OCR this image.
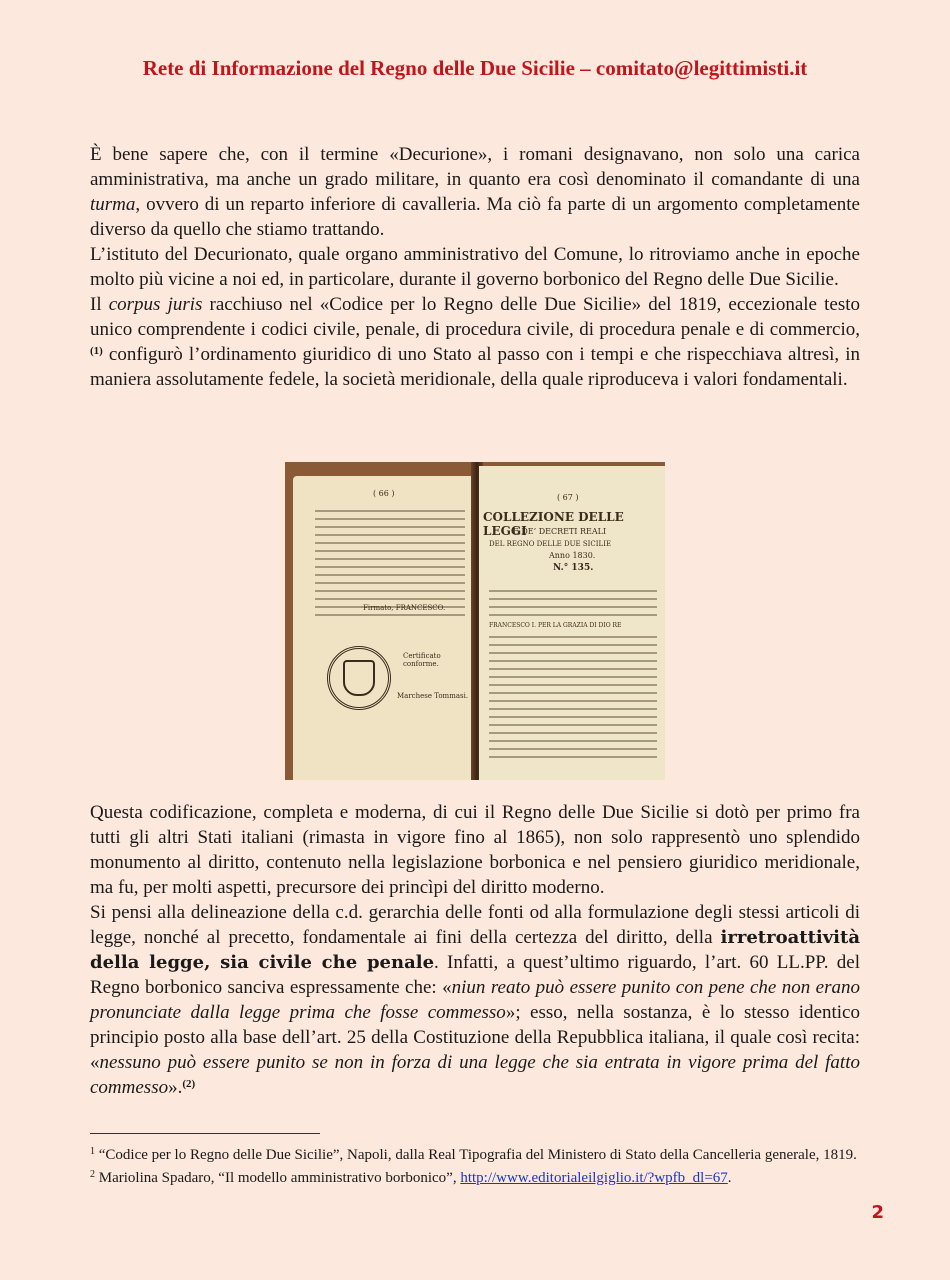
Rete di Informazione del Regno delle Due Sicilie – comitato@legittimisti.it

È bene sapere che, con il termine «Decurione», i romani designavano, non solo una carica amministrativa, ma anche un grado militare, in quanto era così denominato il comandante di una turma, ovvero di un reparto inferiore di cavalleria. Ma ciò fa parte di un argomento completamente diverso da quello che stiamo trattando.

L’istituto del Decurionato, quale organo amministrativo del Comune, lo ritroviamo anche in epoche molto più vicine a noi ed, in particolare, durante il governo borbonico del Regno delle Due Sicilie.

Il corpus juris racchiuso nel «Codice per lo Regno delle Due Sicilie» del 1819, eccezionale testo unico comprendente i codici civile, penale, di procedura civile, di procedura penale e di commercio,$^{(1)}$ configurò l’ordinamento giuridico di uno Stato al passo con i tempi e che rispecchiava altresì, in maniera assolutamente fedele, la società meridionale, della quale riproduceva i valori fondamentali.

( 66 )
Firmato, FRANCESCO.
Certificato conforme.
Marchese Tommasi.
( 67 )
COLLEZIONE DELLE LEGGI
E DE’ DECRETI REALI
DEL REGNO DELLE DUE SICILIE
Anno 1830.
N.° 135.
FRANCESCO I. PER LA GRAZIA DI DIO RE

Questa codificazione, completa e moderna, di cui il Regno delle Due Sicilie si dotò per primo fra tutti gli altri Stati italiani (rimasta in vigore fino al 1865), non solo rappresentò uno splendido monumento al diritto, contenuto nella legislazione borbonica e nel pensiero giuridico meridionale, ma fu, per molti aspetti, precursore dei princìpi del diritto moderno.

Si pensi alla delineazione della c.d. gerarchia delle fonti od alla formulazione degli stessi articoli di legge, nonché al precetto, fondamentale ai fini della certezza del diritto, della irretroattività della legge, sia civile che penale. Infatti, a quest’ultimo riguardo, l’art. 60 LL.PP. del Regno borbonico sanciva espressamente che: «niun reato può essere punito con pene che non erano pronunciate dalla legge prima che fosse commesso»; esso, nella sostanza, è lo stesso identico principio posto alla base dell’art. 25 della Costituzione della Repubblica italiana, il quale così recita: «nessuno può essere punito se non in forza di una legge che sia entrata in vigore prima del fatto commesso».$^{(2)}$

$^1$ “Codice per lo Regno delle Due Sicilie”, Napoli, dalla Real Tipografia del Ministero di Stato della Cancelleria generale, 1819.

$^2$ Mariolina Spadaro, “Il modello amministrativo borbonico”, http://www.editorialeilgiglio.it/?wpfb_dl=67.

2
